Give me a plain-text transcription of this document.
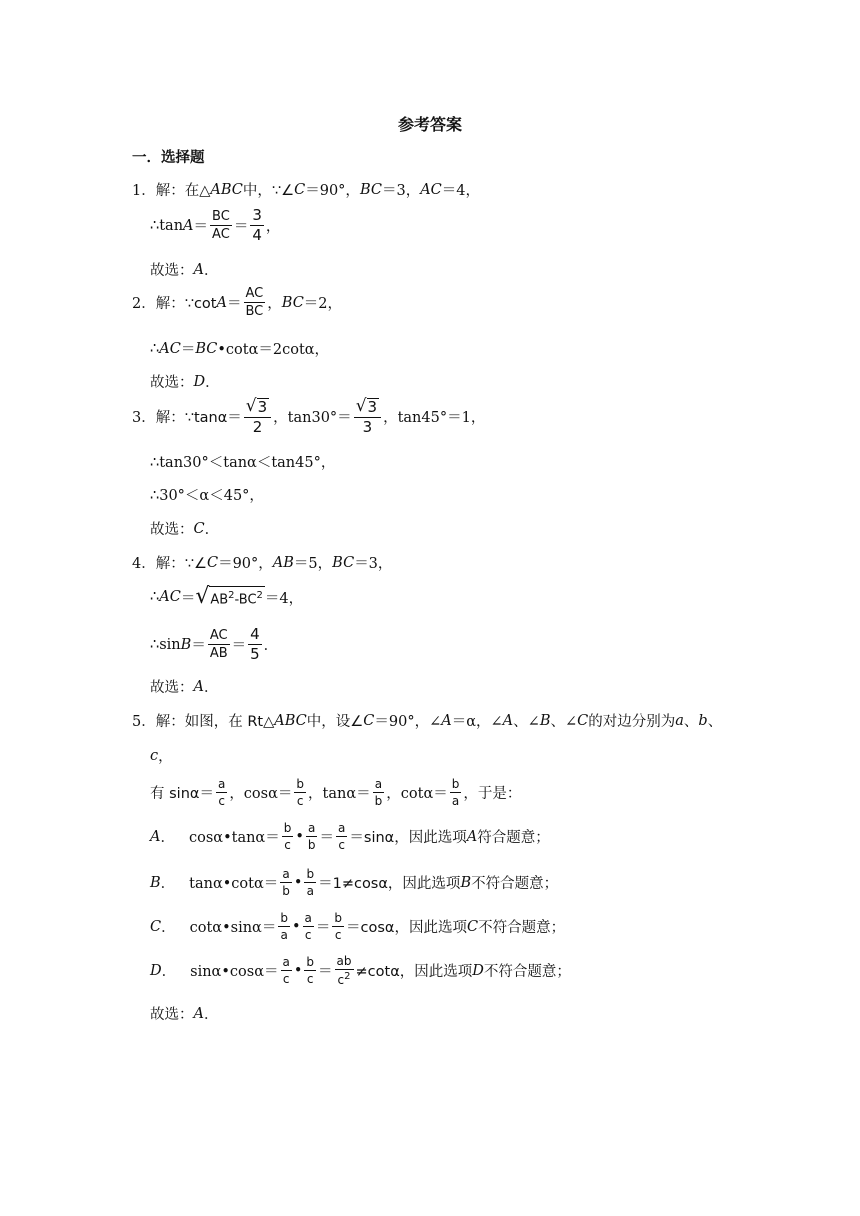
参考答案
一．选择题
1． 解：在△ ABC 中，∵∠ C ＝90°， BC ＝3， AC ＝4，
∴tan $A = \frac{BC}{AC} = \frac{3}{4}$ ，
故选： A ．
2． 解：∵cot $A = \frac{AC}{BC}$ ， BC ＝2，
∴ AC ＝ BC •cotα＝2cotα，
故选： D ．
3． 解：∵tanα＝ $\frac{√ 3}{2}$ ，$\tan 30^\circ= \frac{√ 3}{3}$ ，tan45°＝1，
∴tan30°＜tanα＜tan45°，
∴30°＜α＜45°，
故选： C ．
4． 解：∵∠ C ＝90°， AB ＝5， BC ＝3，
∴ AC ＝ √ $AB^2-BC^2 =4$，
∴sin $B = \frac{AC}{AB} = \frac{4}{5}$ ．
故选： A ．
5． 解：如图，在 Rt△ ABC 中，设∠ C ＝90°，∠ A ＝α，∠ A 、∠ B 、∠ C 的对边分别为 a 、 b 、
c ，
有 $\sin\alpha= \frac{a}{c}$ ，$\cos\alpha= \frac{b}{c}$ ，$\tan\alpha= \frac{a}{b}$ ，$\cot\alpha= \frac{b}{a}$ ，于是：
A ． cosα•tanα＝ $\frac{b}{c}$ • $\frac{a}{b} = \frac{a}{c} =\sin\alpha$，因此选项 A 符合题意；
B ． tanα•cotα＝ $\frac{a}{b}$ • $\frac{b}{a} =1\ne\cos\alpha$，因此选项 B 不符合题意；
C ． cotα•sinα＝ $\frac{b}{a}$ • $\frac{a}{c} = \frac{b}{c} =\cos\alpha$，因此选项 C 不符合题意；
D ． sinα•cosα＝ $\frac{a}{c}$ • $\frac{b}{c} = \frac{ab}{c^2} \ne\cot\alpha$，因此选项 D 不符合题意；
故选： A ．
